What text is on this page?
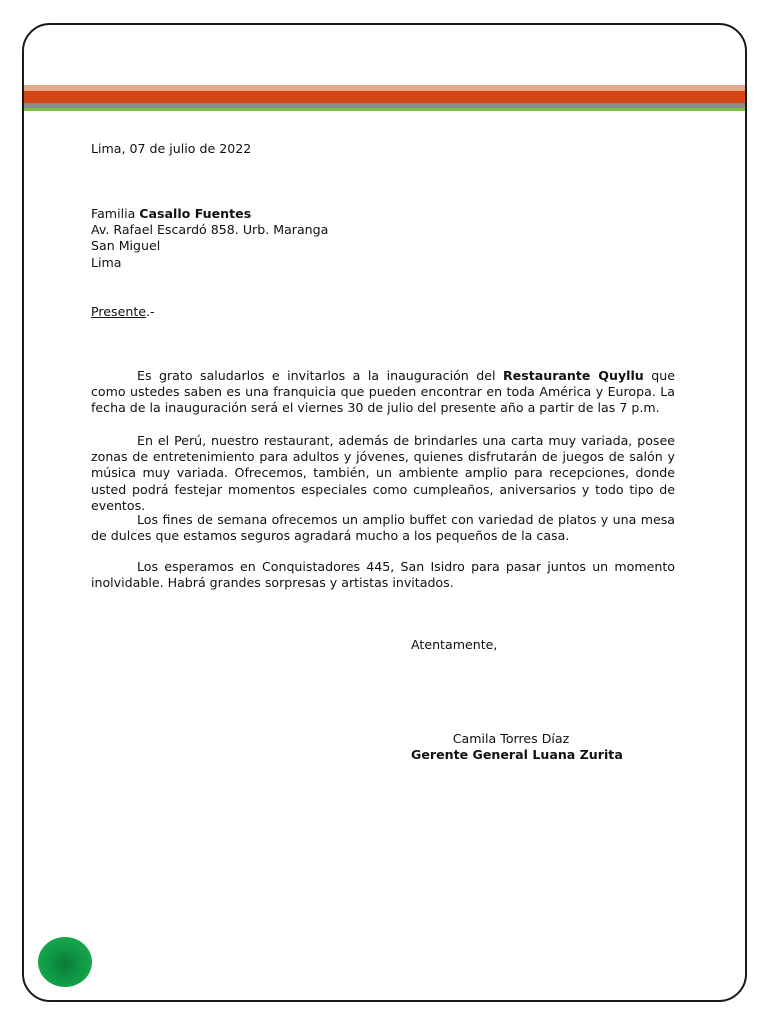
Lima, 07 de julio de 2022

Familia Casallo Fuentes

Av. Rafael Escardó 858. Urb. Maranga

San Miguel

Lima

Presente.-

Es grato saludarlos e invitarlos a la inauguración del Restaurante Quyllu que como ustedes saben es una franquicia que pueden encontrar en toda América y Europa. La fecha de la inauguración será el viernes 30 de julio del presente año a partir de las 7 p.m.

En el Perú, nuestro restaurant, además de brindarles una carta muy variada, posee zonas de entretenimiento para adultos y jóvenes, quienes disfrutarán de juegos de salón y música muy variada. Ofrecemos, también, un ambiente amplio para recepciones, donde usted podrá festejar momentos especiales como cumpleaños, aniversarios y todo tipo de eventos.

Los fines de semana ofrecemos un amplio buffet con variedad de platos y una mesa de dulces que estamos seguros agradará mucho a los pequeños de la casa.

Los esperamos en Conquistadores 445, San Isidro para pasar juntos un momento inolvidable. Habrá grandes sorpresas y artistas invitados.

Atentamente,

Camila Torres Díaz
Gerente General Luana Zurita
